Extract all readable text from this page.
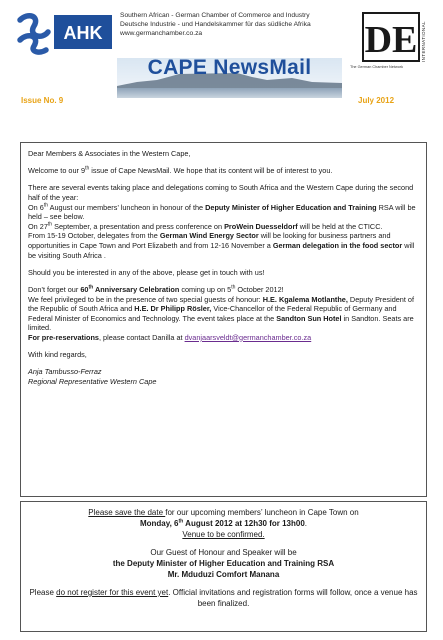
AHK
Southern African - German Chamber of Commerce and Industry
Deutsche Industrie - und Handelskammer für das südliche Afrika
www.germanchamber.co.za	DE INTERNATIONAL
The German Chamber Network
CAPE NewsMail
Issue No. 9	July 2012

Dear Members & Associates in the Western Cape,

Welcome to our 9th issue of Cape NewsMail. We hope that its content will be of interest to you.

There are several events taking place and delegations coming to South Africa and the Western Cape during the second half of the year:
On 6th August our members’ luncheon in honour of the Deputy Minister of Higher Education and Training RSA will be held – see below.
On 27th September, a presentation and press conference on ProWein Duesseldorf will be held at the CTICC.
From 15-19 October, delegates from the German Wind Energy Sector will be looking for business partners and opportunities in Cape Town and Port Elizabeth and from 12-16 November a German delegation in the food sector will be visiting South Africa .

Should you be interested in any of the above, please get in touch with us!

Don’t forget our 60th Anniversary Celebration coming up on 5th October 2012!
We feel privileged to be in the presence of two special guests of honour: H.E. Kgalema Motlanthe, Deputy President of the Republic of South Africa and H.E. Dr Philipp Rösler, Vice-Chancellor of the Federal Republic of Germany and Federal Minister of Economics and Technology. The event takes place at the Sandton Sun Hotel in Sandton. Seats are limited.
For pre-reservations, please contact Danilla at dvanjaarsveldt@germanchamber.co.za

With kind regards,

Anja Tambusso-Ferraz

Regional Representative Western Cape

Please save the date for our upcoming members’ luncheon in Cape Town on
Monday, 6th August 2012 at 12h30 for 13h00.
Venue to be confirmed.

Our Guest of Honour and Speaker will be
the Deputy Minister of Higher Education and Training RSA
Mr. Mduduzi Comfort Manana

Please do not register for this event yet. Official invitations and registration forms will follow, once a venue has been finalized.
